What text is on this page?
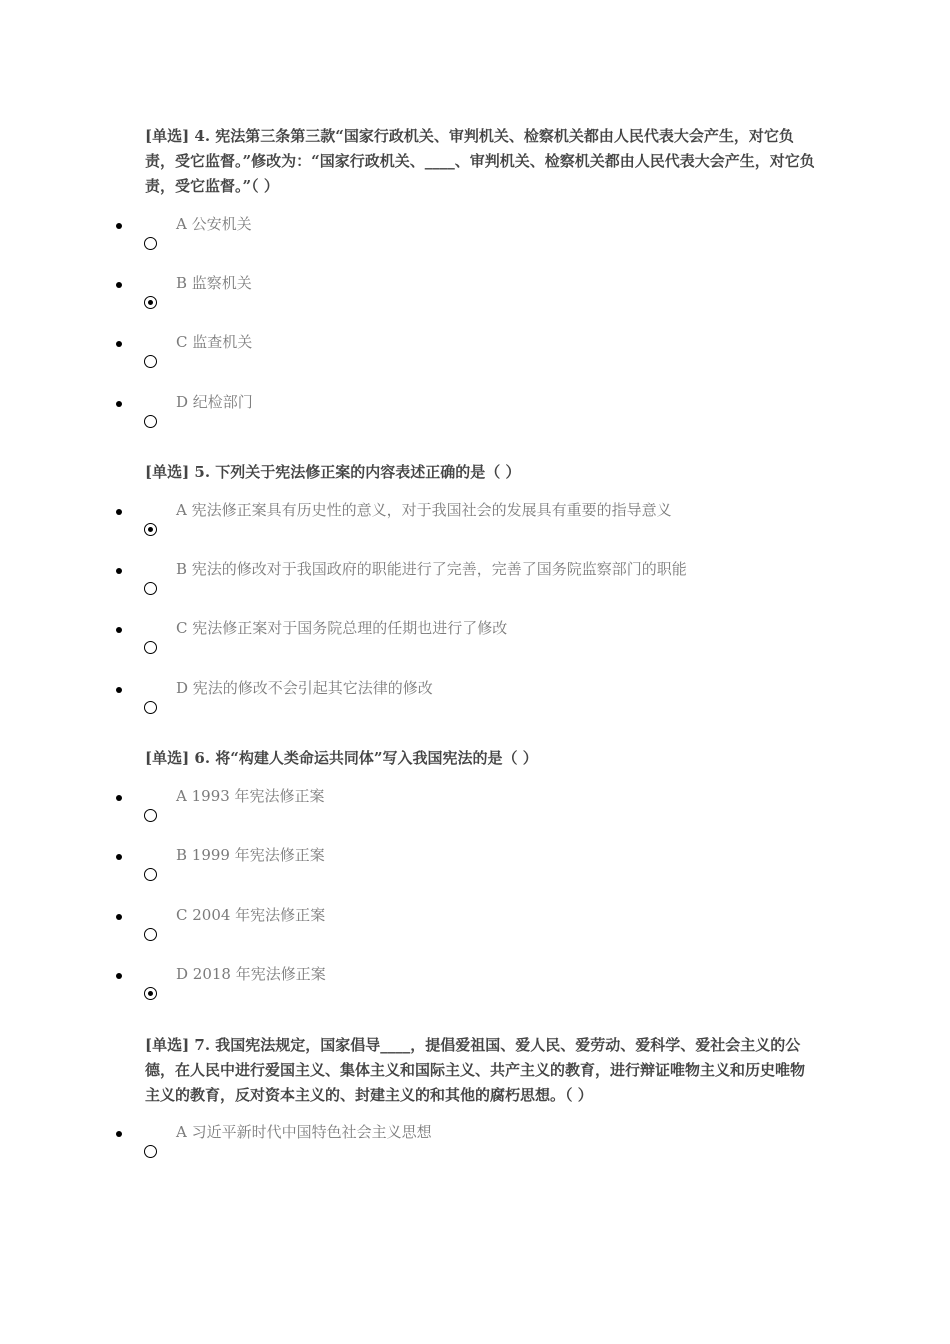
[单选] 4. 宪法第三条第三款“国家行政机关、审判机关、检察机关都由人民代表大会产生，对它负责，受它监督。”修改为：“国家行政机关、____、审判机关、检察机关都由人民代表大会产生，对它负责，受它监督。”（ ）
A 公安机关
B 监察机关
C 监查机关
D 纪检部门
[单选] 5. 下列关于宪法修正案的内容表述正确的是（ ）
A 宪法修正案具有历史性的意义，对于我国社会的发展具有重要的指导意义
B 宪法的修改对于我国政府的职能进行了完善，完善了国务院监察部门的职能
C 宪法修正案对于国务院总理的任期也进行了修改
D 宪法的修改不会引起其它法律的修改
[单选] 6. 将“构建人类命运共同体”写入我国宪法的是（ ）
A 1993 年宪法修正案
B 1999 年宪法修正案
C 2004 年宪法修正案
D 2018 年宪法修正案
[单选] 7. 我国宪法规定，国家倡导____，提倡爱祖国、爱人民、爱劳动、爱科学、爱社会主义的公德，在人民中进行爱国主义、集体主义和国际主义、共产主义的教育，进行辩证唯物主义和历史唯物主义的教育，反对资本主义的、封建主义的和其他的腐朽思想。（ ）
A 习近平新时代中国特色社会主义思想
